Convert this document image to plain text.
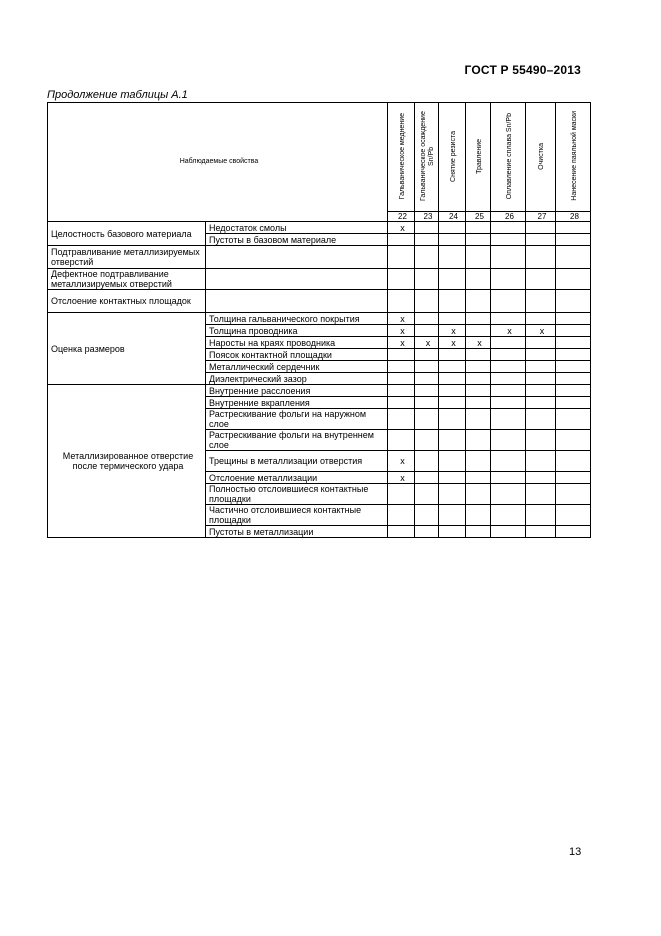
ГОСТ Р 55490–2013
Продолжение таблицы А.1
Наблюдаемые свойства		Гальваническое меднение	Гальваническое осаждение Sn/Pb	Снятие резиста	Травление	Оплавление сплава Sn/Pb	Очистка	Нанесение паяльной маски
		22	23	24	25	26	27	28
Целостность базового материала	Недостаток смолы	x						
	Пустоты в базовом материале							
Подтравливание металлизируемых отверстий								
Дефектное подтравливание металлизируемых отверстий								
Отслоение контактных площадок								
Оценка размеров	Толщина гальванического покрытия	x						
	Толщина проводника	x		x		x	x	
	Наросты на краях проводника	x	x	x	x			
	Поясок контактной площадки							
	Металлический сердечник							
	Диэлектрический зазор							
Металлизированное отверстие после термического удара	Внутренние расслоения							
	Внутренние вкрапления							
	Растрескивание фольги на наружном слое							
	Растрескивание фольги на внутреннем слое							
	Трещины в металлизации отверстия	x						
	Отслоение металлизации	x						
	Полностью отслоившиеся контактные площадки							
	Частично отслоившиеся контактные площадки							
	Пустоты в металлизации							
13
